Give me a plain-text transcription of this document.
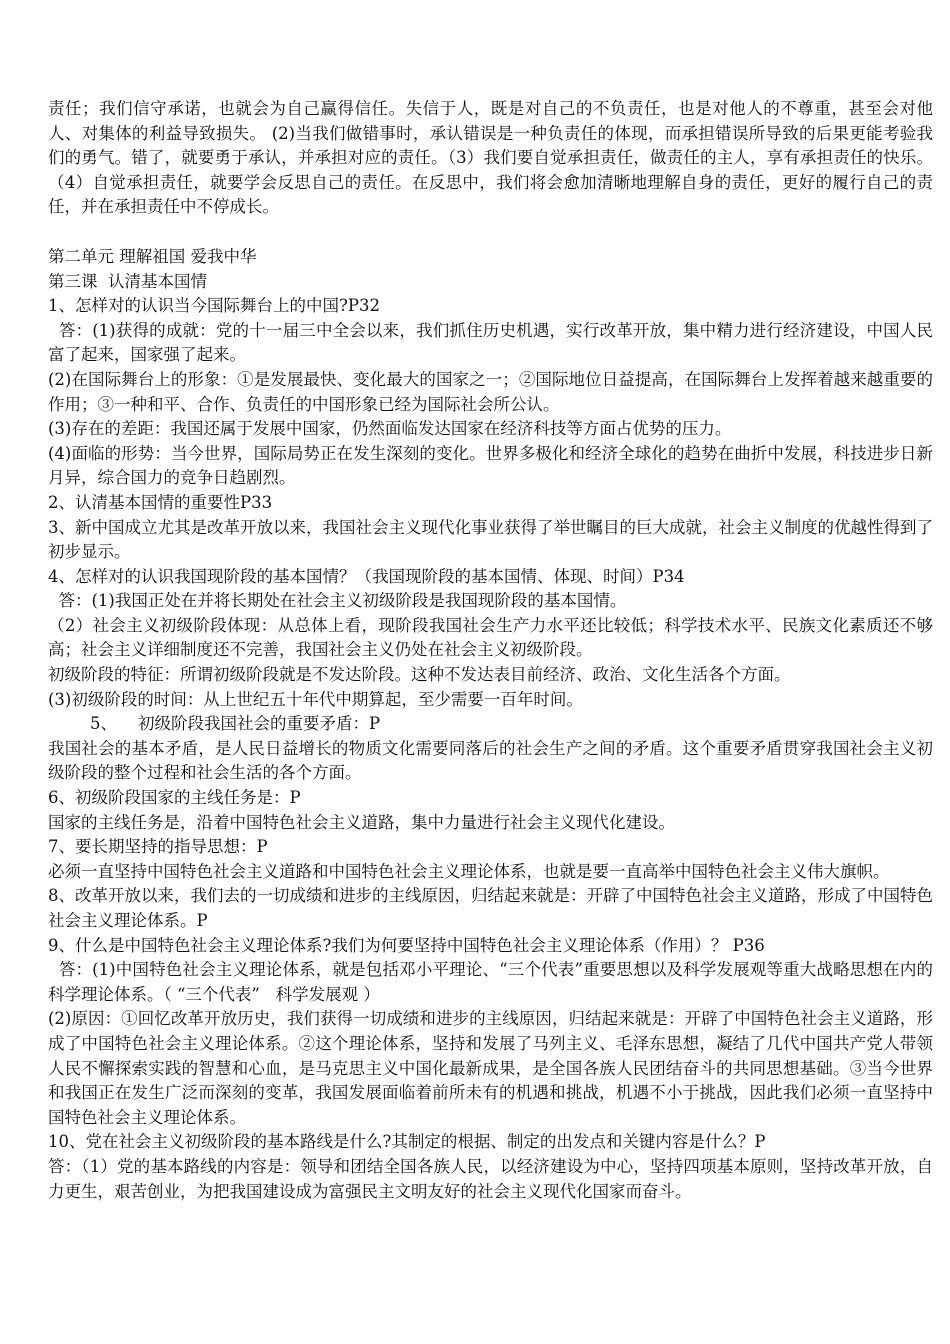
责任；我们信守承诺，也就会为自己赢得信任。失信于人，既是对自己的不负责任，也是对他人的不尊重，甚至会对他人、对集体的利益导致损失。 (2)当我们做错事时，承认错误是一种负责任的体现，而承担错误所导致的后果更能考验我们的勇气。错了，就要勇于承认，并承担对应的责任。（3）我们要自觉承担责任，做责任的主人，享有承担责任的快乐。   （4）自觉承担责任，就要学会反思自己的责任。在反思中，我们将会愈加清晰地理解自身的责任，更好的履行自己的责任，并在承担责任中不停成长。

第二单元 理解祖国 爱我中华

第三课  认清基本国情

1、怎样对的认识当今国际舞台上的中国?P32

答：(1)获得的成就：党的十一届三中全会以来，我们抓住历史机遇，实行改革开放，集中精力进行经济建设，中国人民富了起来，国家强了起来。

(2)在国际舞台上的形象：①是发展最快、变化最大的国家之一；②国际地位日益提高，在国际舞台上发挥着越来越重要的作用；③一种和平、合作、负责任的中国形象已经为国际社会所公认。

(3)存在的差距：我国还属于发展中国家，仍然面临发达国家在经济科技等方面占优势的压力。

(4)面临的形势：当今世界，国际局势正在发生深刻的变化。世界多极化和经济全球化的趋势在曲折中发展，科技进步日新月异，综合国力的竞争日趋剧烈。

2、认清基本国情的重要性P33

3、新中国成立尤其是改革开放以来，我国社会主义现代化事业获得了举世瞩目的巨大成就，社会主义制度的优越性得到了初步显示。

4、怎样对的认识我国现阶段的基本国情？（我国现阶段的基本国情、体现、时间）P34

答：(1)我国正处在并将长期处在社会主义初级阶段是我国现阶段的基本国情。

（2）社会主义初级阶段体现：从总体上看，现阶段我国社会生产力水平还比较低；科学技术水平、民族文化素质还不够高；社会主义详细制度还不完善，我国社会主义仍处在社会主义初级阶段。

初级阶段的特征：所谓初级阶段就是不发达阶段。这种不发达表目前经济、政治、文化生活各个方面。

(3)初级阶段的时间：从上世纪五十年代中期算起，至少需要一百年时间。

5、    初级阶段我国社会的重要矛盾：P

我国社会的基本矛盾，是人民日益增长的物质文化需要同落后的社会生产之间的矛盾。这个重要矛盾贯穿我国社会主义初级阶段的整个过程和社会生活的各个方面。

6、初级阶段国家的主线任务是：P

国家的主线任务是，沿着中国特色社会主义道路，集中力量进行社会主义现代化建设。

7、要长期坚持的指导思想：P

必须一直坚持中国特色社会主义道路和中国特色社会主义理论体系，也就是要一直高举中国特色社会主义伟大旗帜。

8、改革开放以来，我们去的一切成绩和进步的主线原因，归结起来就是：开辟了中国特色社会主义道路，形成了中国特色社会主义理论体系。P

9、什么是中国特色社会主义理论体系?我们为何要坚持中国特色社会主义理论体系（作用）？ P36

答：(1)中国特色社会主义理论体系，就是包括邓小平理论、“三个代表”重要思想以及科学发展观等重大战略思想在内的科学理论体系。（ “三个代表”   科学发展观 ）

(2)原因：①回忆改革开放历史，我们获得一切成绩和进步的主线原因，归结起来就是：开辟了中国特色社会主义道路，形成了中国特色社会主义理论体系。②这个理论体系，坚持和发展了马列主义、毛泽东思想，凝结了几代中国共产党人带领人民不懈探索实践的智慧和心血，是马克思主义中国化最新成果，是全国各族人民团结奋斗的共同思想基础。③当今世界和我国正在发生广泛而深刻的变革，我国发展面临着前所未有的机遇和挑战，机遇不小于挑战，因此我们必须一直坚持中国特色社会主义理论体系。

10、党在社会主义初级阶段的基本路线是什么?其制定的根据、制定的出发点和关键内容是什么？P

答：（1）党的基本路线的内容是：领导和团结全国各族人民，以经济建设为中心，坚持四项基本原则，坚持改革开放，自力更生，艰苦创业，为把我国建设成为富强民主文明友好的社会主义现代化国家而奋斗。
